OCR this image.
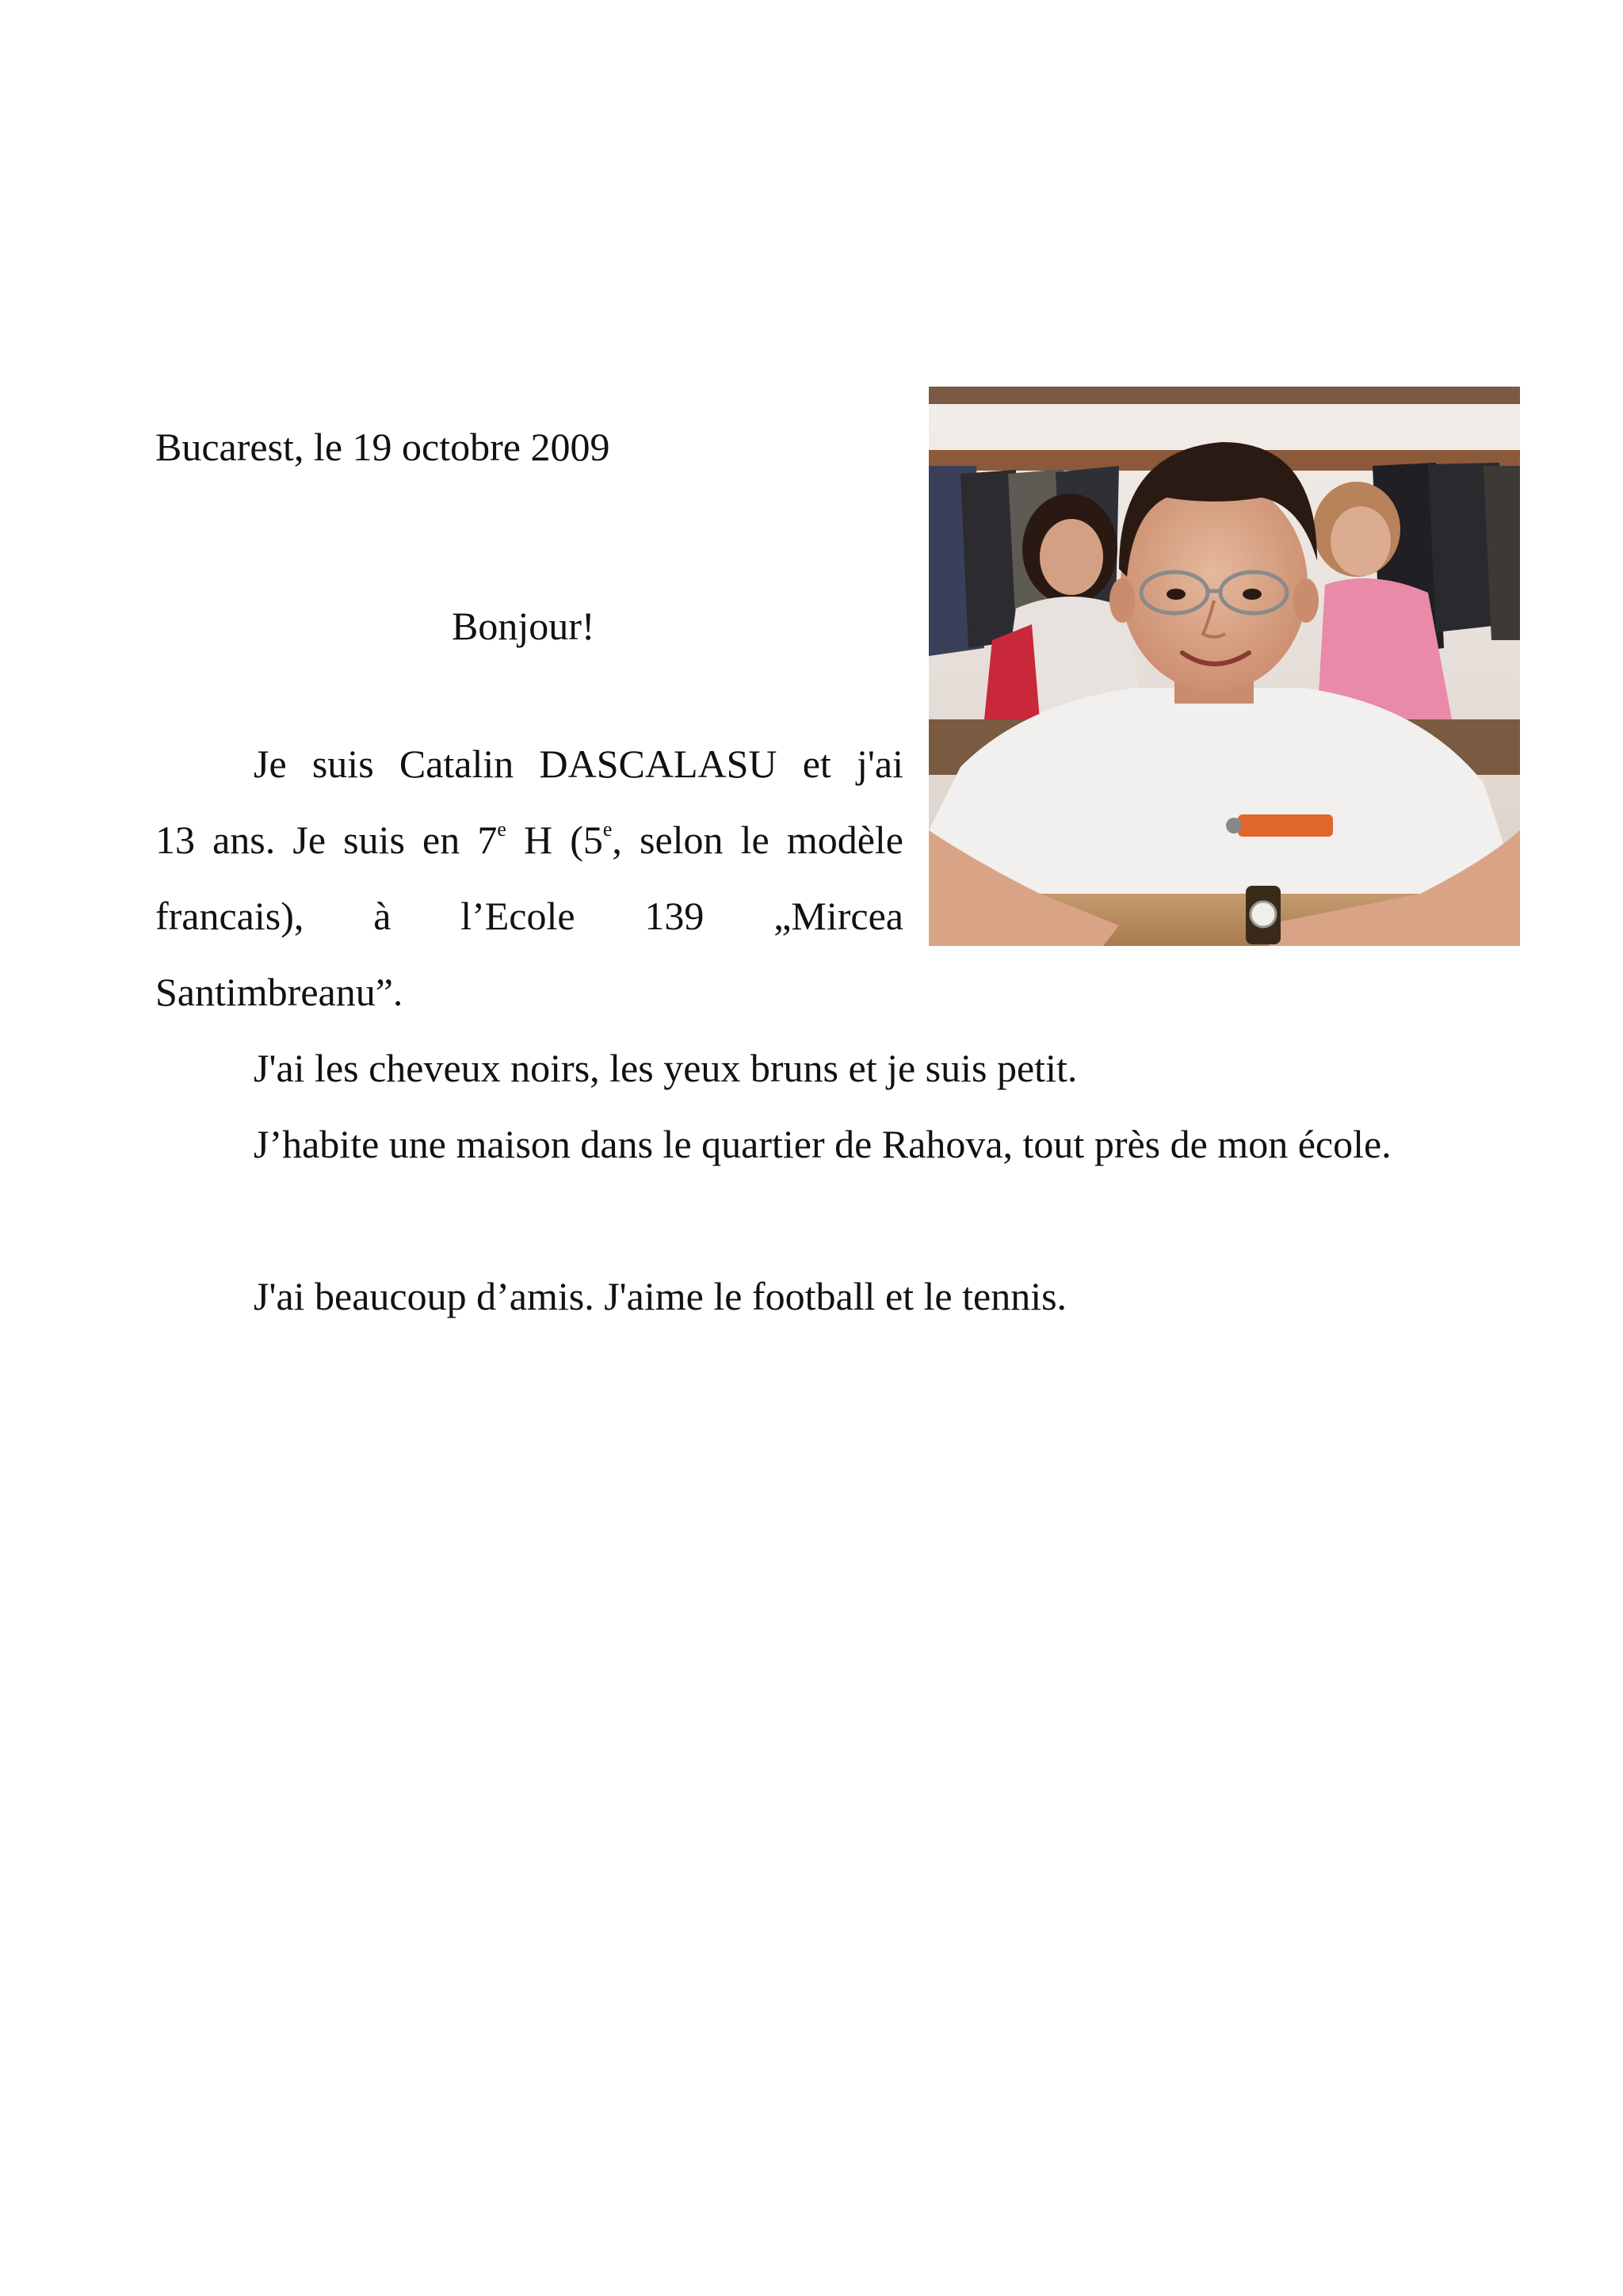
Bucarest, le 19 octobre 2009
Bonjour!
Je suis Catalin DASCALASU et j'ai
13 ans. Je suis en 7e H (5e, selon le modèle
francais), à l’Ecole 139 „Mircea
Santimbreanu”.
J'ai les cheveux noirs, les yeux bruns et je suis petit.
J’habite une maison dans le quartier de Rahova, tout près de mon école.
J'ai beaucoup d’amis. J'aime le football et le tennis.
